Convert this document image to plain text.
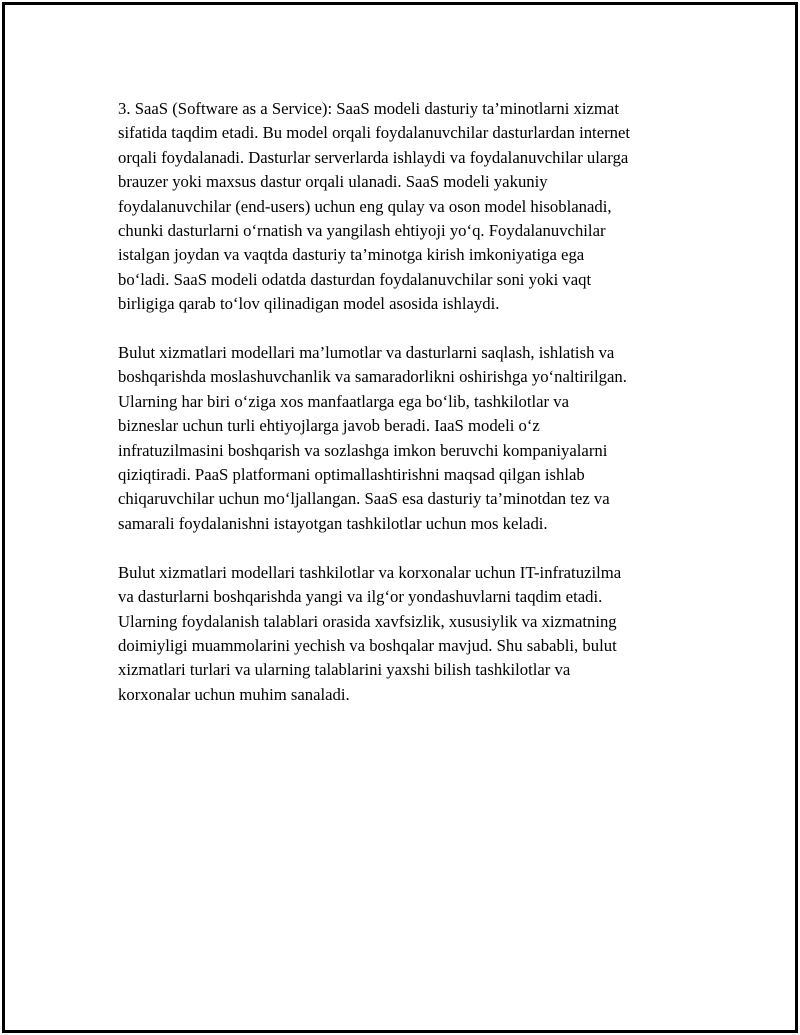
3. SaaS (Software as a Service): SaaS modeli dasturiy ta’minotlarni xizmat
sifatida taqdim etadi. Bu model orqali foydalanuvchilar dasturlardan internet
orqali foydalanadi. Dasturlar serverlarda ishlaydi va foydalanuvchilar ularga
brauzer yoki maxsus dastur orqali ulanadi. SaaS modeli yakuniy
foydalanuvchilar (end-users) uchun eng qulay va oson model hisoblanadi,
chunki dasturlarni oʻrnatish va yangilash ehtiyoji yoʻq. Foydalanuvchilar
istalgan joydan va vaqtda dasturiy ta’minotga kirish imkoniyatiga ega
boʻladi. SaaS modeli odatda dasturdan foydalanuvchilar soni yoki vaqt
birligiga qarab toʻlov qilinadigan model asosida ishlaydi.

Bulut xizmatlari modellari ma’lumotlar va dasturlarni saqlash, ishlatish va
boshqarishda moslashuvchanlik va samaradorlikni oshirishga yoʻnaltirilgan.
Ularning har biri oʻziga xos manfaatlarga ega boʻlib, tashkilotlar va
bizneslar uchun turli ehtiyojlarga javob beradi. IaaS modeli oʻz
infratuzilmasini boshqarish va sozlashga imkon beruvchi kompaniyalarni
qiziqtiradi. PaaS platformani optimallashtirishni maqsad qilgan ishlab
chiqaruvchilar uchun moʻljallangan. SaaS esa dasturiy ta’minotdan tez va
samarali foydalanishni istayotgan tashkilotlar uchun mos keladi.

Bulut xizmatlari modellari tashkilotlar va korxonalar uchun IT-infratuzilma
va dasturlarni boshqarishda yangi va ilgʻor yondashuvlarni taqdim etadi.
Ularning foydalanish talablari orasida xavfsizlik, xususiylik va xizmatning
doimiyligi muammolarini yechish va boshqalar mavjud. Shu sababli, bulut
xizmatlari turlari va ularning talablarini yaxshi bilish tashkilotlar va
korxonalar uchun muhim sanaladi.
